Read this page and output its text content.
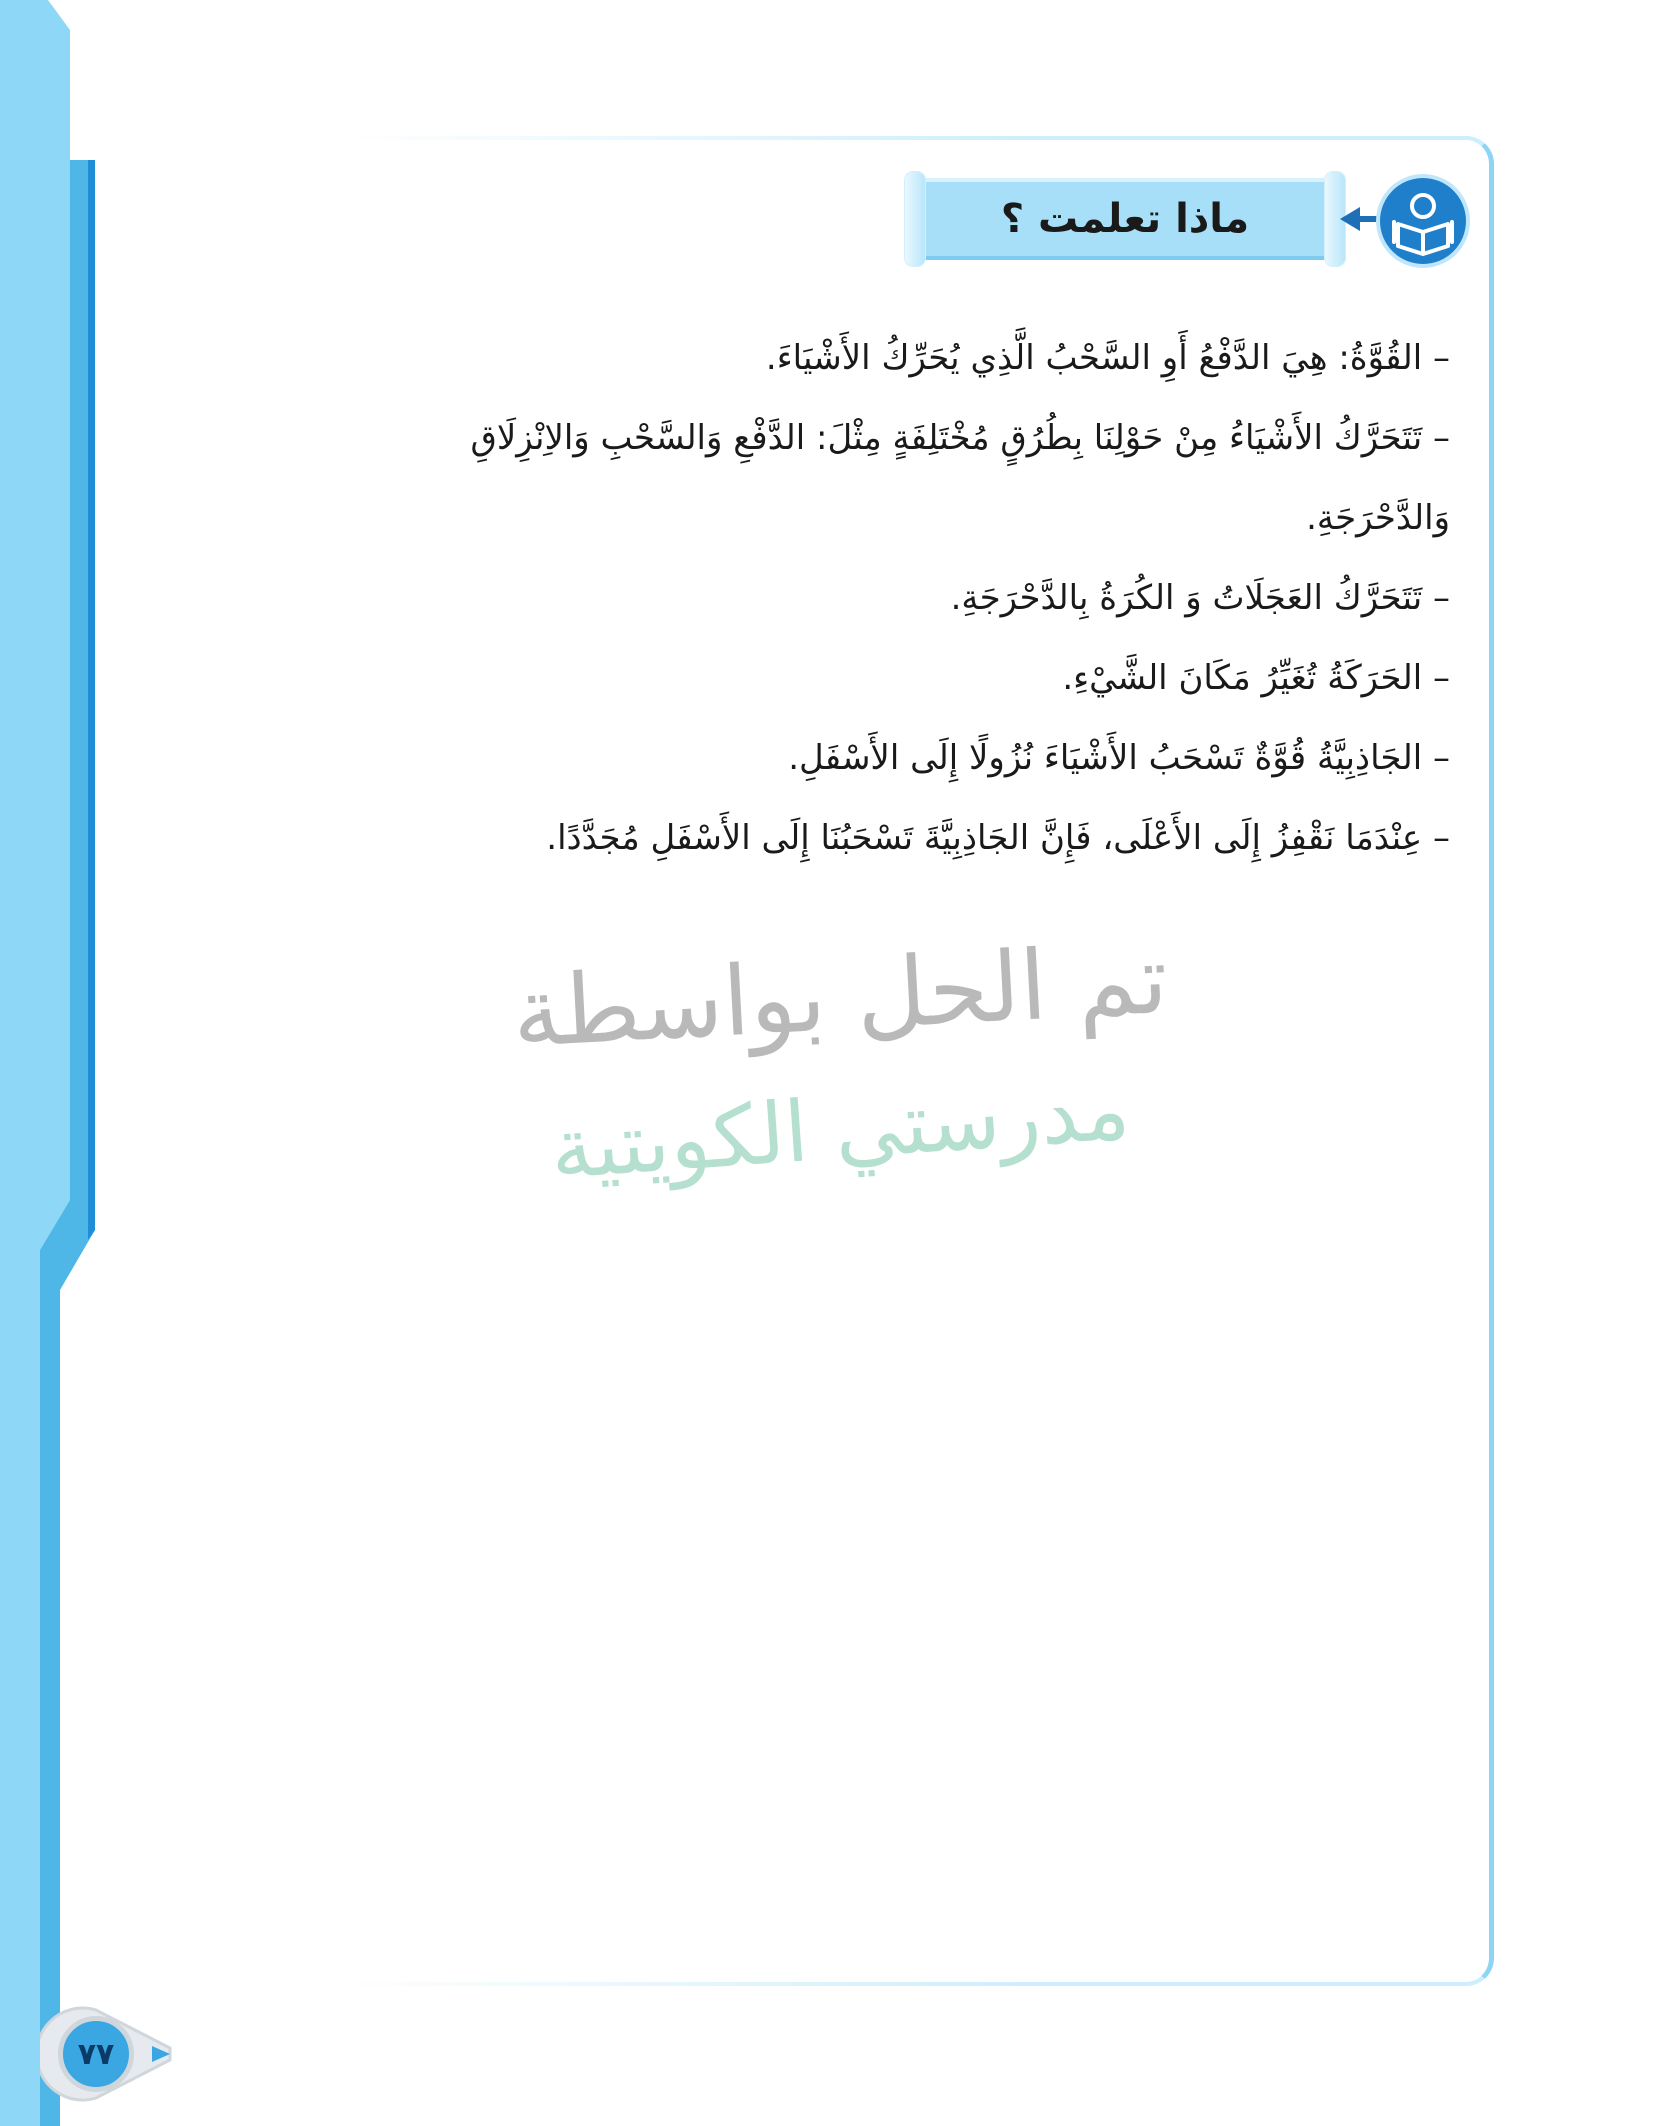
ماذا تعلمت ؟
– القُوَّةُ: هِيَ الدَّفْعُ أَوِ السَّحْبُ الَّذِي يُحَرِّكُ الأَشْيَاءَ.
– تَتَحَرَّكُ الأَشْيَاءُ مِنْ حَوْلِنَا بِطُرُقٍ مُخْتَلِفَةٍ مِثْلَ: الدَّفْعِ وَالسَّحْبِ وَالاِنْزِلَاقِ وَالدَّحْرَجَةِ.
– تَتَحَرَّكُ العَجَلَاتُ وَ الكُرَةُ بِالدَّحْرَجَةِ.
– الحَرَكَةُ تُغَيِّرُ مَكَانَ الشَّيْءِ.
– الجَاذِبِيَّةُ قُوَّةٌ تَسْحَبُ الأَشْيَاءَ نُزُولًا إِلَى الأَسْفَلِ.
– عِنْدَمَا نَقْفِزُ إِلَى الأَعْلَى، فَإِنَّ الجَاذِبِيَّةَ تَسْحَبُنَا إِلَى الأَسْفَلِ مُجَدَّدًا.
تم الحل بواسطة
مدرستي الكويتية
٧٧
